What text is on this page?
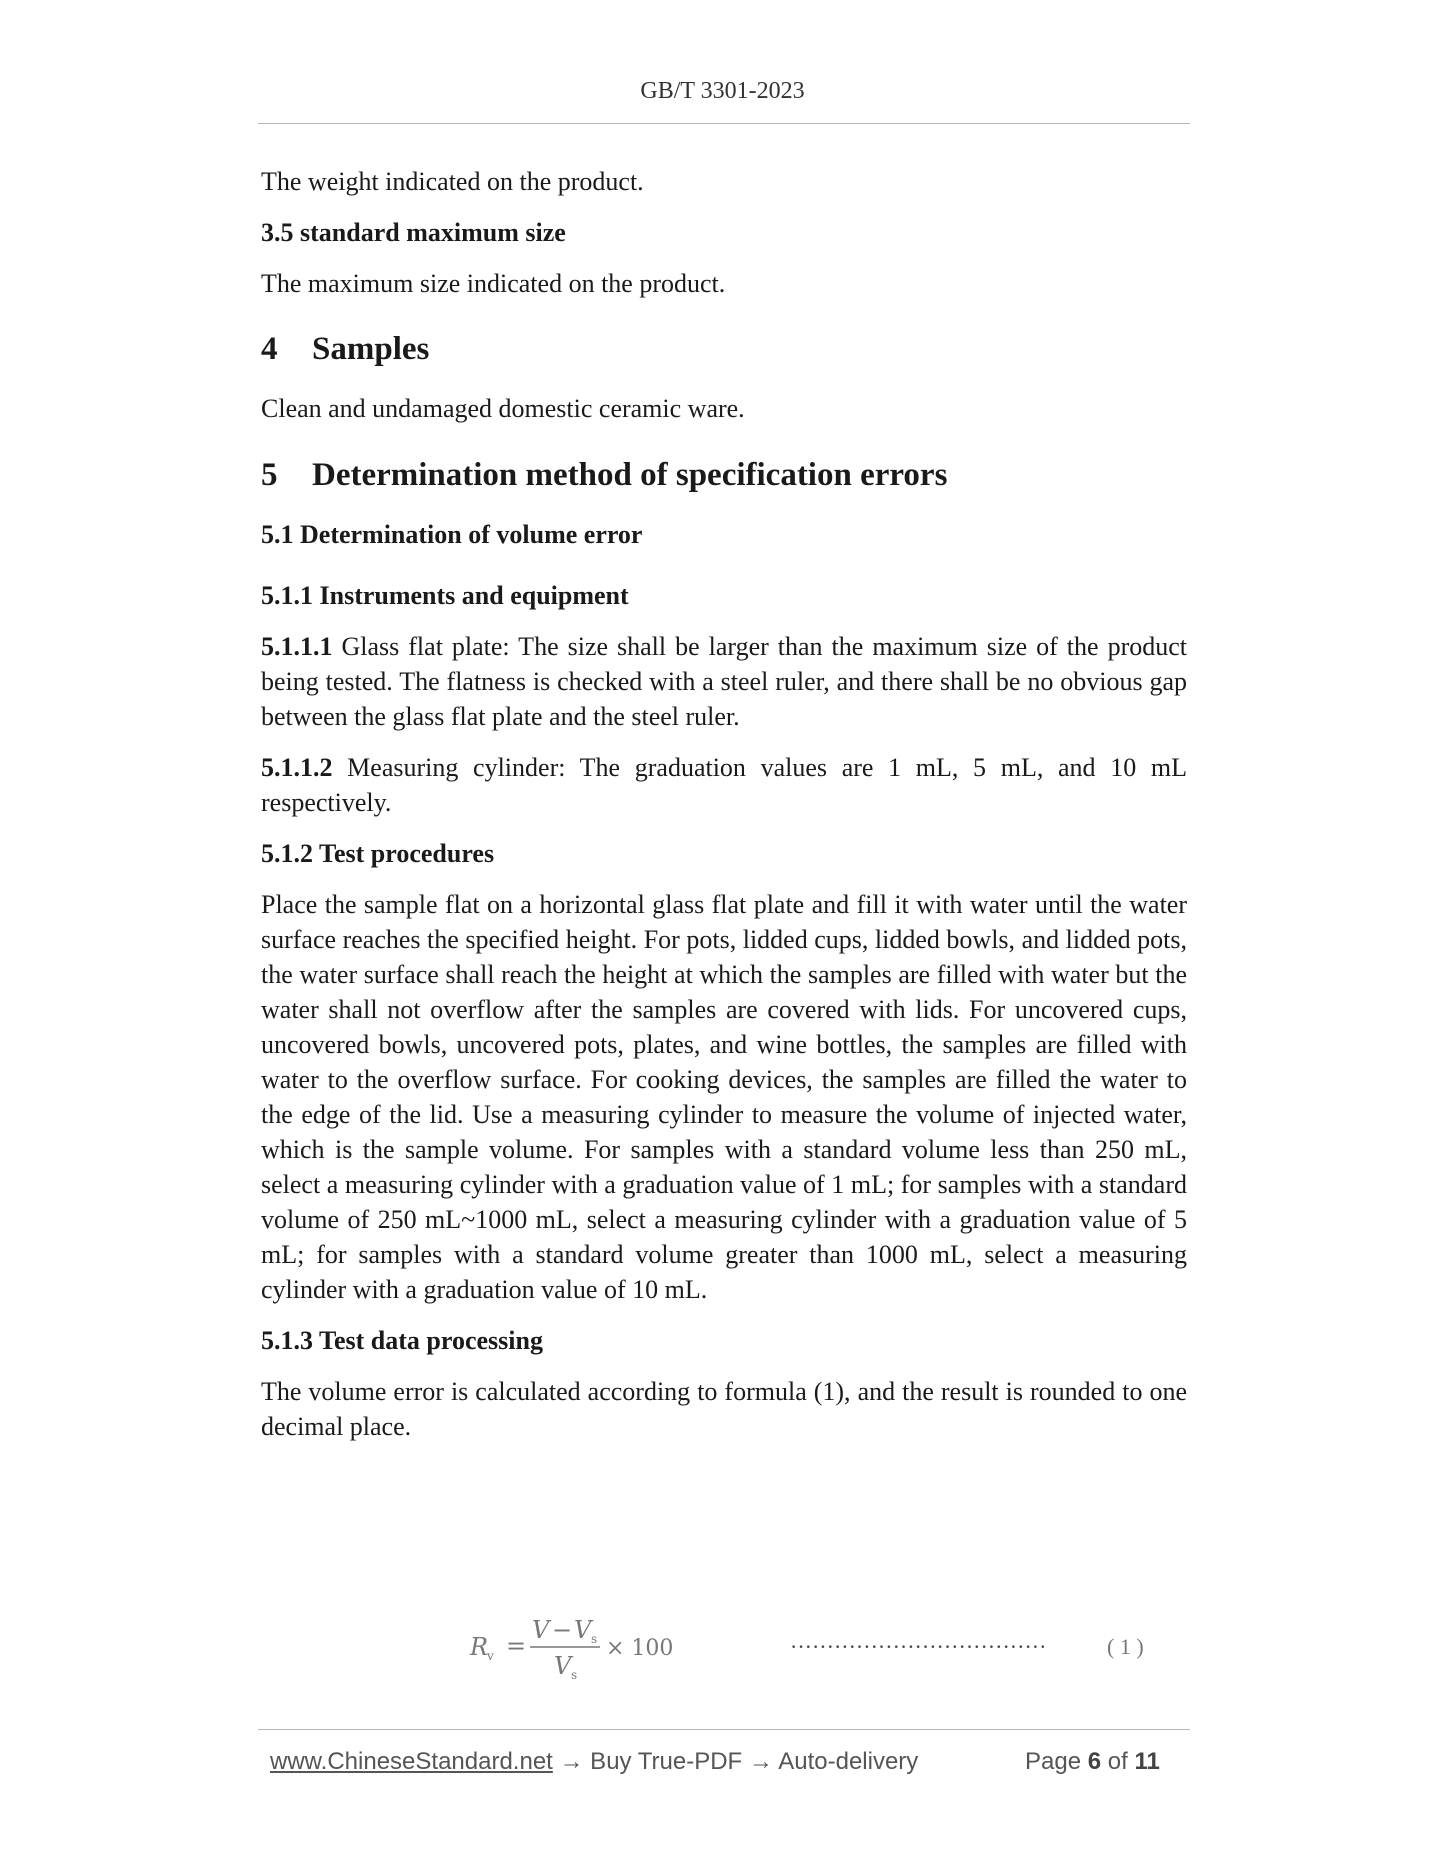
GB/T 3301-2023

The weight indicated on the product.

3.5 standard maximum size

The maximum size indicated on the product.

4 Samples

Clean and undamaged domestic ceramic ware.

5 Determination method of specification errors

5.1 Determination of volume error

5.1.1 Instruments and equipment

5.1.1.1 Glass flat plate: The size shall be larger than the maximum size of the product being tested. The flatness is checked with a steel ruler, and there shall be no obvious gap between the glass flat plate and the steel ruler.

5.1.1.2 Measuring cylinder: The graduation values are 1 mL, 5 mL, and 10 mL respectively.

5.1.2 Test procedures

Place the sample flat on a horizontal glass flat plate and fill it with water until the water surface reaches the specified height. For pots, lidded cups, lidded bowls, and lidded pots, the water surface shall reach the height at which the samples are filled with water but the water shall not overflow after the samples are covered with lids. For uncovered cups, uncovered bowls, uncovered pots, plates, and wine bottles, the samples are filled with water to the overflow surface. For cooking devices, the samples are filled the water to the edge of the lid. Use a measuring cylinder to measure the volume of injected water, which is the sample volume. For samples with a standard volume less than 250 mL, select a measuring cylinder with a graduation value of 1 mL; for samples with a standard volume of 250 mL~1000 mL, select a measuring cylinder with a graduation value of 5 mL; for samples with a standard volume greater than 1000 mL, select a measuring cylinder with a graduation value of 10 mL.

5.1.3 Test data processing

The volume error is calculated according to formula (1), and the result is rounded to one decimal place.

R
v =
V − V s
V s
× 100	···································	( 1 )
www.ChineseStandard.net → Buy True-PDF → Auto-delivery	Page 6 of 11
